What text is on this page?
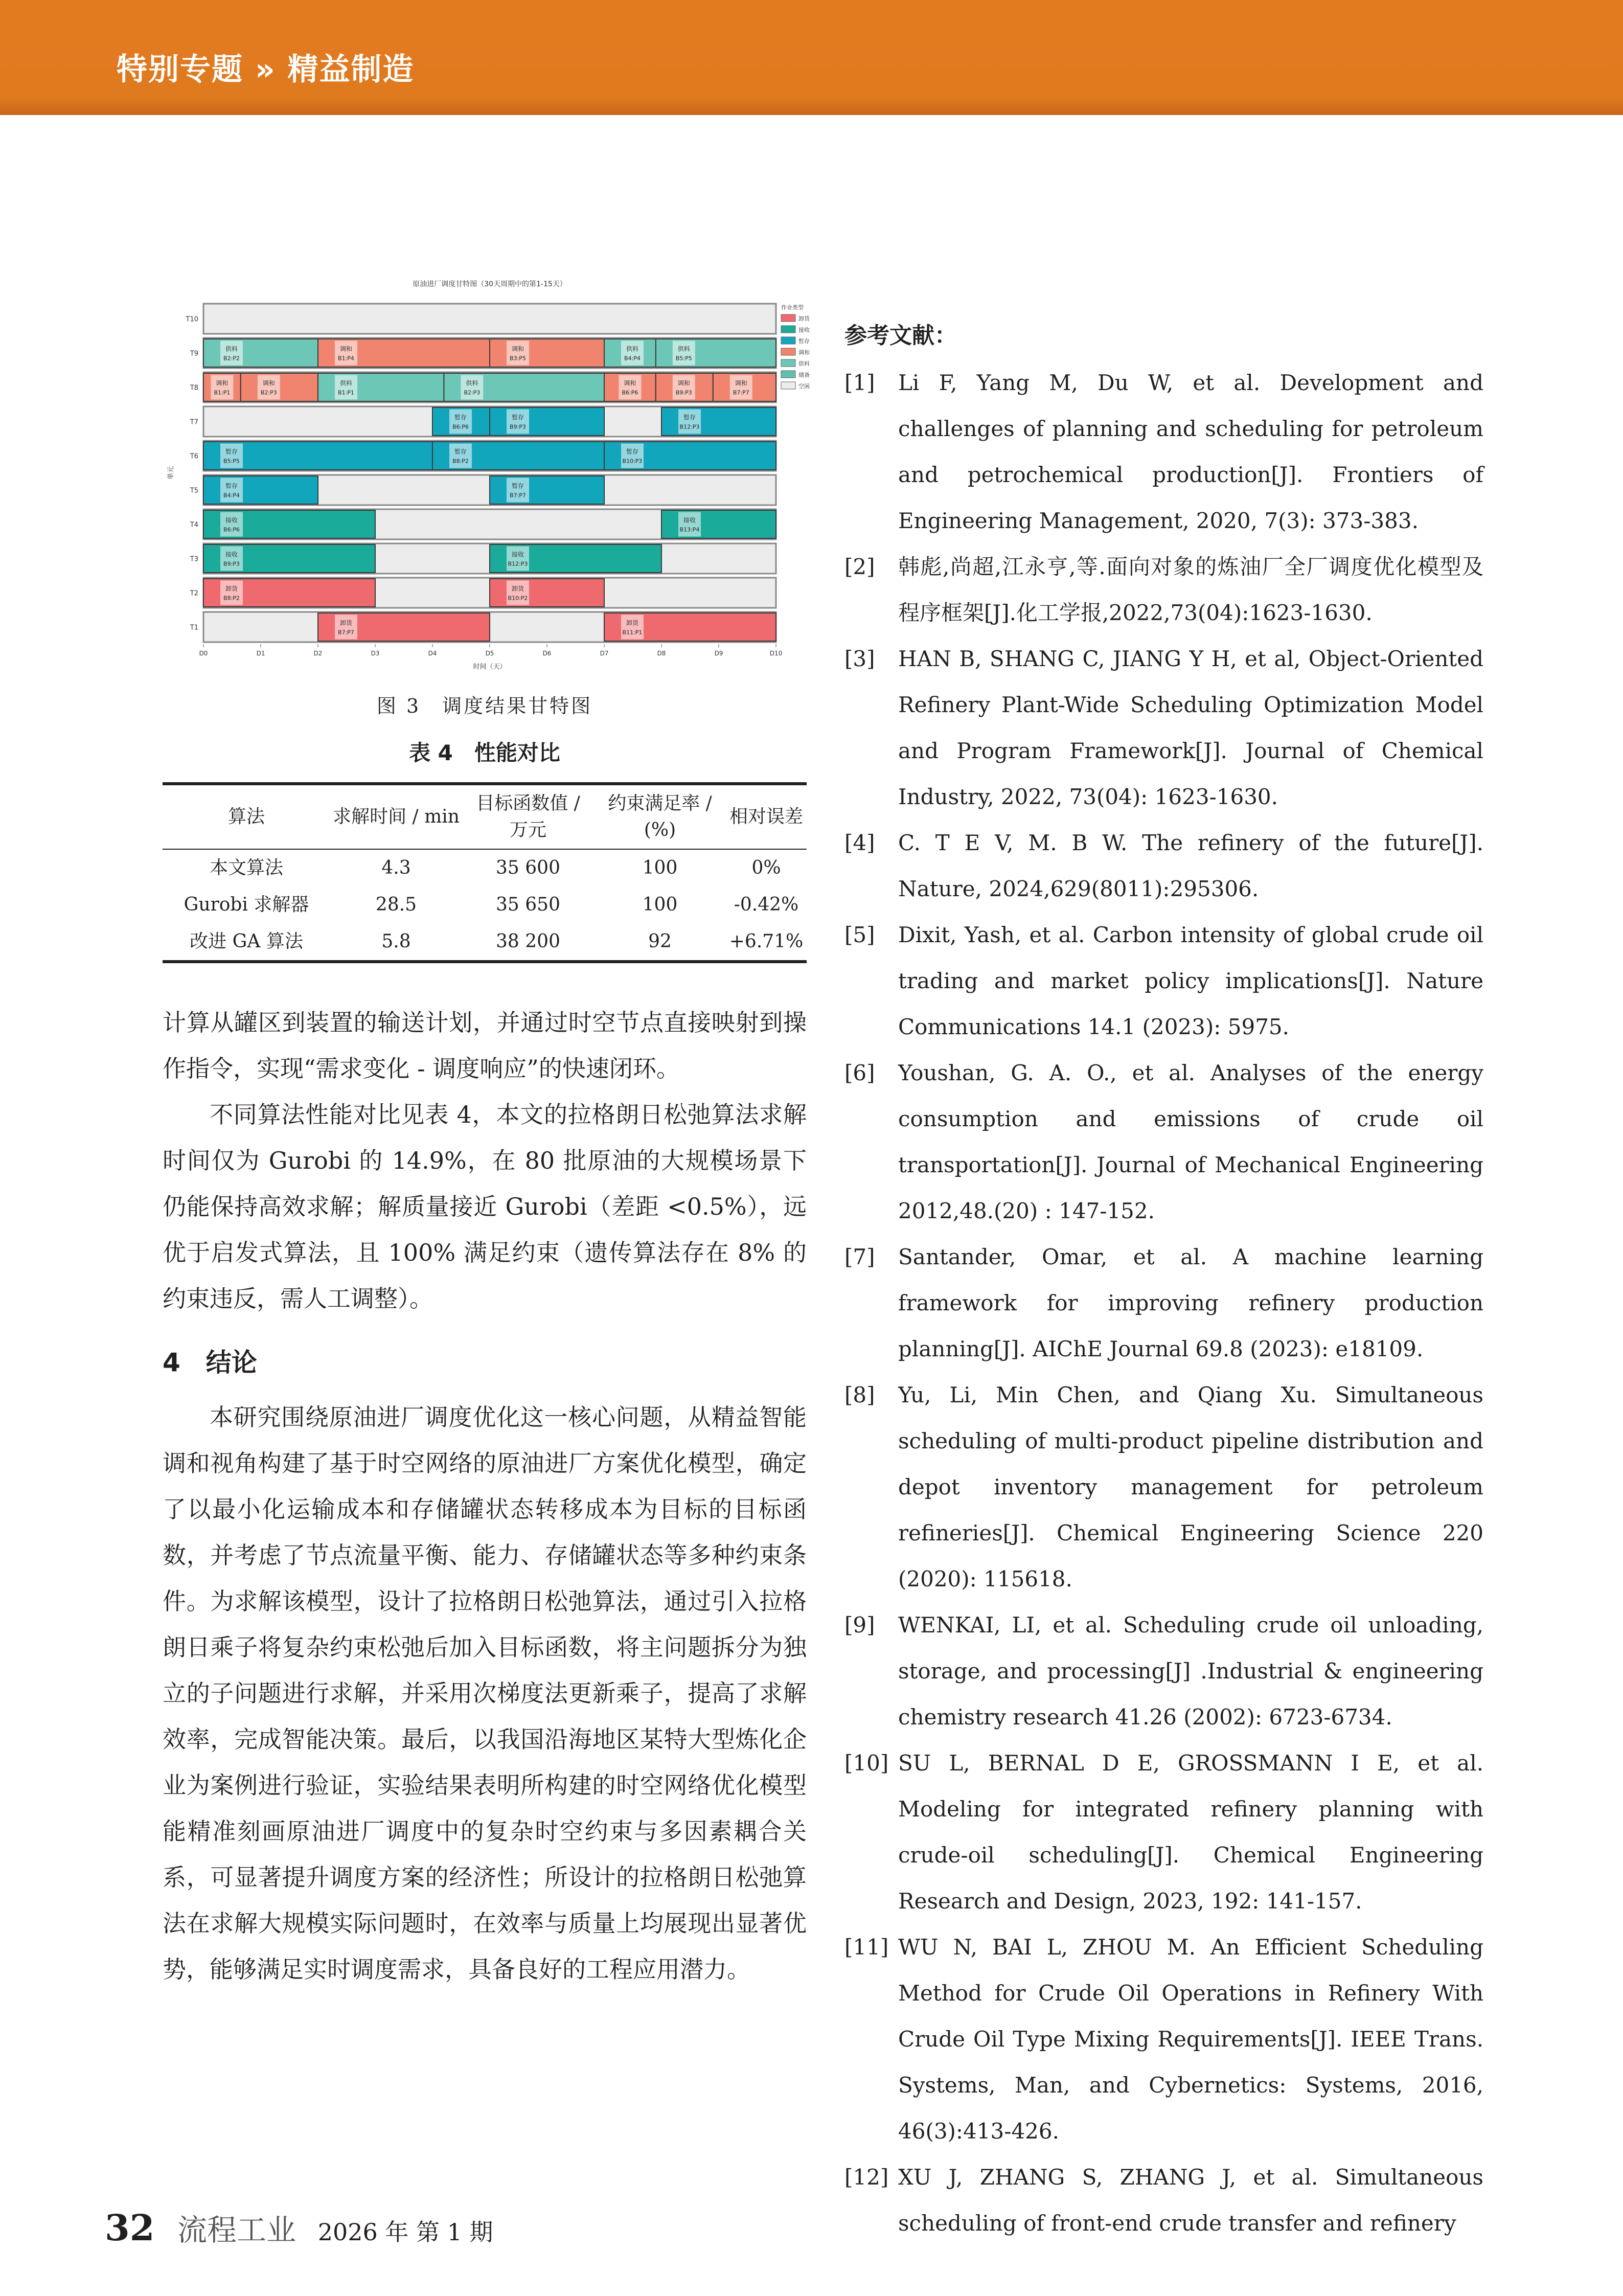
特别专题 » 精益制造
原油进厂调度甘特图（30天周期中的第1-15天）
T10
T9
供料
B2:P2
调和
B1:P4
调和
B3:P5
供料
B4:P4
供料
B5:P5
T8
调和
B1:P1
调和
B2:P3
供料
B1:P1
供料
B2:P3
调和
B6:P6
调和
B9:P3
调和
B7:P7
T7
暂存
B6:P6
暂存
B9:P3
暂存
B12:P3
T6
暂存
B5:P5
暂存
B8:P2
暂存
B10:P3
T5
暂存
B4:P4
暂存
B7:P7
T4
接收
B6:P6
接收
B13:P4
T3
接收
B9:P3
接收
B12:P3
T2
卸货
B8:P2
卸货
B10:P2
T1
卸货
B7:P7
卸货
B11:P1
D0	D1	D2	D3	D4	D5	D6	D7	D8	D9	D10
时间（天）
单元
作业类型
卸货
接收
暂存
调和
供料
储备
空闲
图 3　调度结果甘特图
表 4　性能对比
算法	求解时间 / min	目标函数值 / 万元	约束满足率 / (%)	相对误差
本文算法	4.3	35 600	100	0%
Gurobi 求解器	28.5	35 650	100	-0.42%
改进 GA 算法	5.8	38 200	92	+6.71%

计算从罐区到装置的输送计划，并通过时空节点直接映射到操作指令，实现“需求变化 - 调度响应”的快速闭环。

不同算法性能对比见表 4，本文的拉格朗日松弛算法求解时间仅为 Gurobi 的 14.9%，在 80 批原油的大规模场景下仍能保持高效求解；解质量接近 Gurobi（差距 <0.5%），远优于启发式算法，且 100% 满足约束（遗传算法存在 8% 的约束违反，需人工调整）。

4　结论

本研究围绕原油进厂调度优化这一核心问题，从精益智能调和视角构建了基于时空网络的原油进厂方案优化模型，确定了以最小化运输成本和存储罐状态转移成本为目标的目标函数，并考虑了节点流量平衡、能力、存储罐状态等多种约束条件。为求解该模型，设计了拉格朗日松弛算法，通过引入拉格朗日乘子将复杂约束松弛后加入目标函数，将主问题拆分为独立的子问题进行求解，并采用次梯度法更新乘子，提高了求解效率，完成智能决策。最后，以我国沿海地区某特大型炼化企业为案例进行验证，实验结果表明所构建的时空网络优化模型能精准刻画原油进厂调度中的复杂时空约束与多因素耦合关系，可显著提升调度方案的经济性；所设计的拉格朗日松弛算法在求解大规模实际问题时，在效率与质量上均展现出显著优势，能够满足实时调度需求，具备良好的工程应用潜力。

参考文献：
[1]	Li F, Yang M, Du W, et al. Development and challenges of planning and scheduling for petroleum and petrochemical production[J]. Frontiers of Engineering Management, 2020, 7(3): 373-383.
[2]	韩彪,尚超,江永亨,等.面向对象的炼油厂全厂调度优化模型及程序框架[J].化工学报,2022,73(04):1623-1630.
[3]	HAN B, SHANG C, JIANG Y H, et al, Object-Oriented Refinery Plant-Wide Scheduling Optimization Model and Program Framework[J]. Journal of Chemical Industry, 2022, 73(04): 1623-1630.
[4]	C. T E V, M. B W. The refinery of the future[J]. Nature, 2024,629(8011):295306.
[5]	Dixit, Yash, et al. Carbon intensity of global crude oil trading and market policy implications[J]. Nature Communications 14.1 (2023): 5975.
[6]	Youshan, G. A. O., et al. Analyses of the energy consumption and emissions of crude oil transportation[J]. Journal of Mechanical Engineering 2012,48.(20) : 147-152.
[7]	Santander, Omar, et al. A machine learning framework for improving refinery production planning[J]. AIChE Journal 69.8 (2023): e18109.
[8]	Yu, Li, Min Chen, and Qiang Xu. Simultaneous scheduling of multi-product pipeline distribution and depot inventory management for petroleum refineries[J]. Chemical Engineering Science 220 (2020): 115618.
[9]	WENKAI, LI, et al. Scheduling crude oil unloading, storage, and processing[J] .Industrial & engineering chemistry research 41.26 (2002): 6723-6734.
[10] SU L, BERNAL D E, GROSSMANN I E, et al. Modeling for integrated refinery planning with crude-oil scheduling[J]. Chemical Engineering Research and Design, 2023, 192: 141-157.
[11] WU N, BAI L, ZHOU M. An Efficient Scheduling Method for Crude Oil Operations in Refinery With Crude Oil Type Mixing Requirements[J]. IEEE Trans. Systems, Man, and Cybernetics: Systems, 2016, 46(3):413-426.
[12] XU J, ZHANG S, ZHANG J, et al. Simultaneous scheduling of front-end crude transfer and refinery
32 流程工业 2026 年 第 1 期
